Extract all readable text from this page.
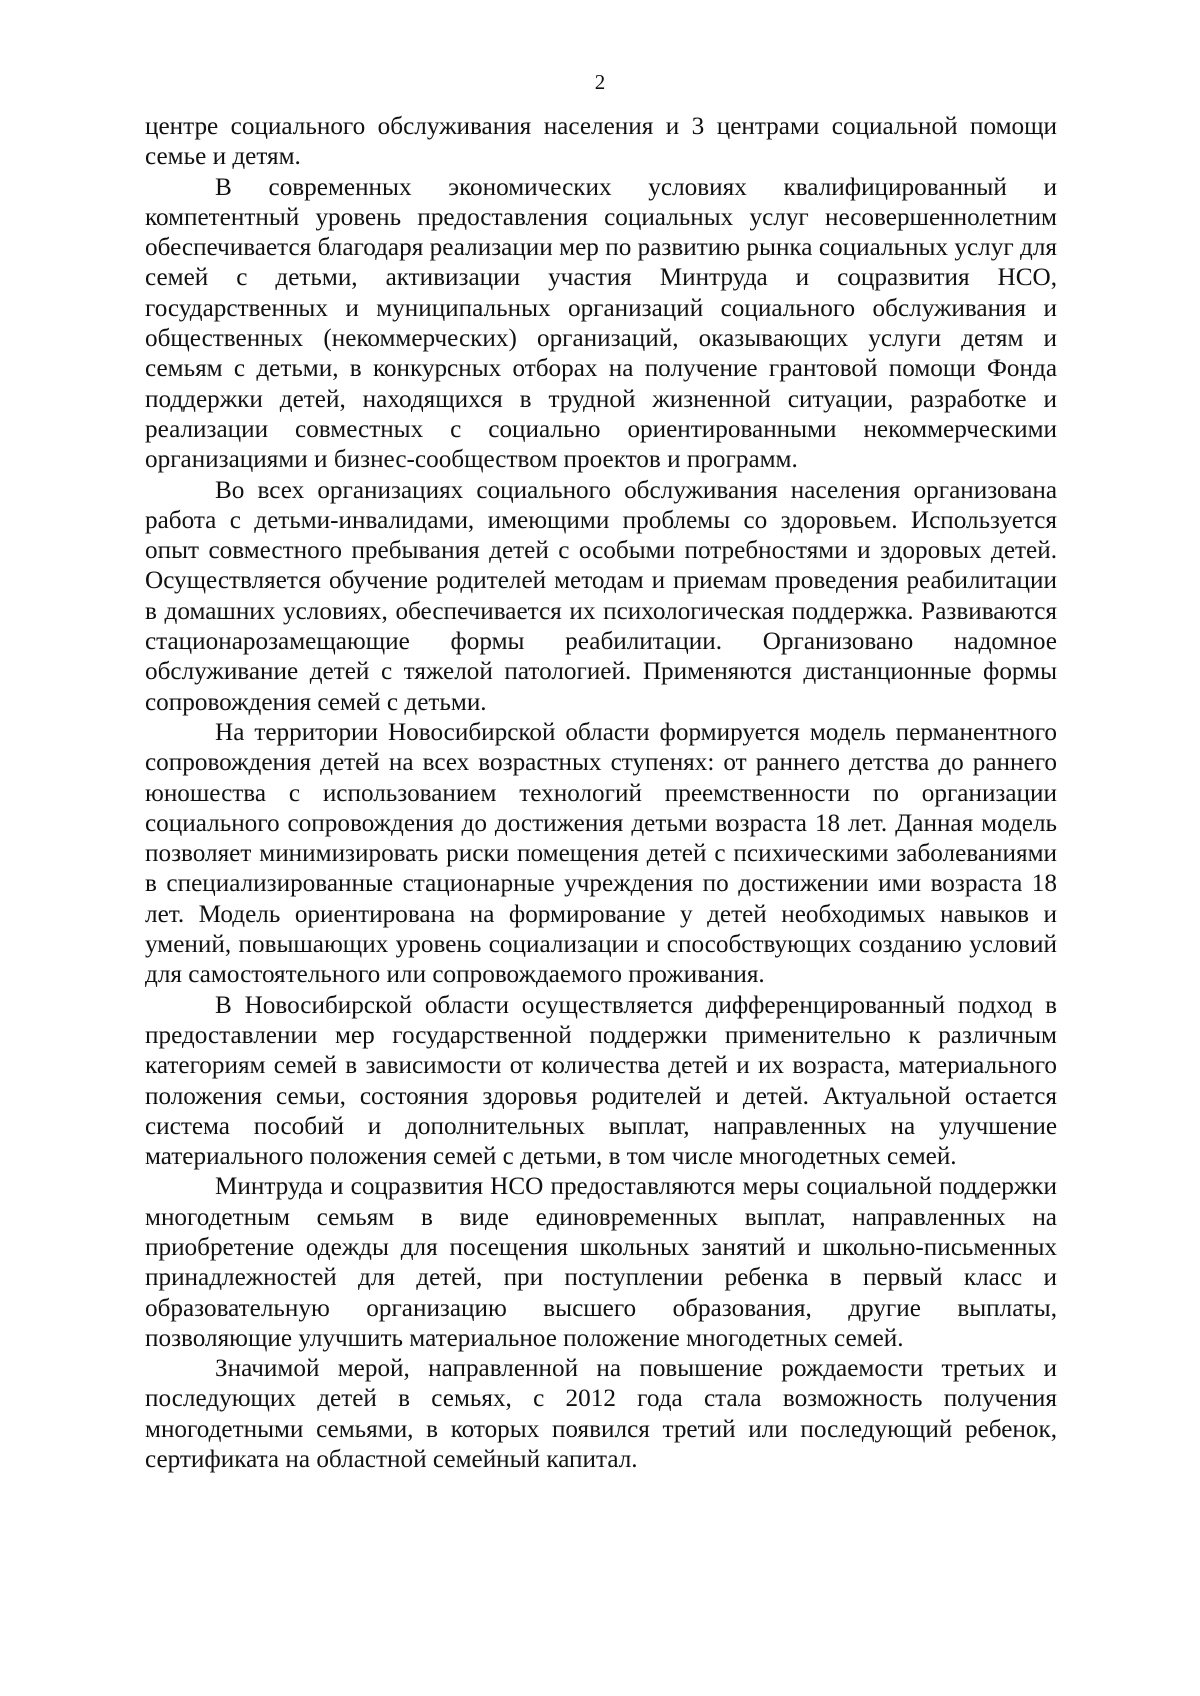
2

центре социального обслуживания населения и 3 центрами социальной помощи семье и детям.

В современных экономических условиях квалифицированный и компетентный уровень предоставления социальных услуг несовершеннолетним обеспечивается благодаря реализации мер по развитию рынка социальных услуг для семей с детьми, активизации участия Минтруда и соцразвития НСО, государственных и муниципальных организаций социального обслуживания и общественных (некоммерческих) организаций, оказывающих услуги детям и семьям с детьми, в конкурсных отборах на получение грантовой помощи Фонда поддержки детей, находящихся в трудной жизненной ситуации, разработке и реализации совместных с социально ориентированными некоммерческими организациями и бизнес-сообществом проектов и программ.

Во всех организациях социального обслуживания населения организована работа с детьми-инвалидами, имеющими проблемы со здоровьем. Используется опыт совместного пребывания детей с особыми потребностями и здоровых детей. Осуществляется обучение родителей методам и приемам проведения реабилитации в домашних условиях, обеспечивается их психологическая поддержка. Развиваются стационарозамещающие формы реабилитации. Организовано надомное обслуживание детей с тяжелой патологией. Применяются дистанционные формы сопровождения семей с детьми.

На территории Новосибирской области формируется модель перманентного сопровождения детей на всех возрастных ступенях: от раннего детства до раннего юношества с использованием технологий преемственности по организации социального сопровождения до достижения детьми возраста 18 лет. Данная модель позволяет минимизировать риски помещения детей с психическими заболеваниями в специализированные стационарные учреждения по достижении ими возраста 18 лет. Модель ориентирована на формирование у детей необходимых навыков и умений, повышающих уровень социализации и способствующих созданию условий для самостоятельного или сопровождаемого проживания.

В Новосибирской области осуществляется дифференцированный подход в предоставлении мер государственной поддержки применительно к различным категориям семей в зависимости от количества детей и их возраста, материального положения семьи, состояния здоровья родителей и детей. Актуальной остается система пособий и дополнительных выплат, направленных на улучшение материального положения семей с детьми, в том числе многодетных семей.

Минтруда и соцразвития НСО предоставляются меры социальной поддержки многодетным семьям в виде единовременных выплат, направленных на приобретение одежды для посещения школьных занятий и школьно-письменных принадлежностей для детей, при поступлении ребенка в первый класс и образовательную организацию высшего образования, другие выплаты, позволяющие улучшить материальное положение многодетных семей.

Значимой мерой, направленной на повышение рождаемости третьих и последующих детей в семьях, с 2012 года стала возможность получения многодетными семьями, в которых появился третий или последующий ребенок, сертификата на областной семейный капитал.
